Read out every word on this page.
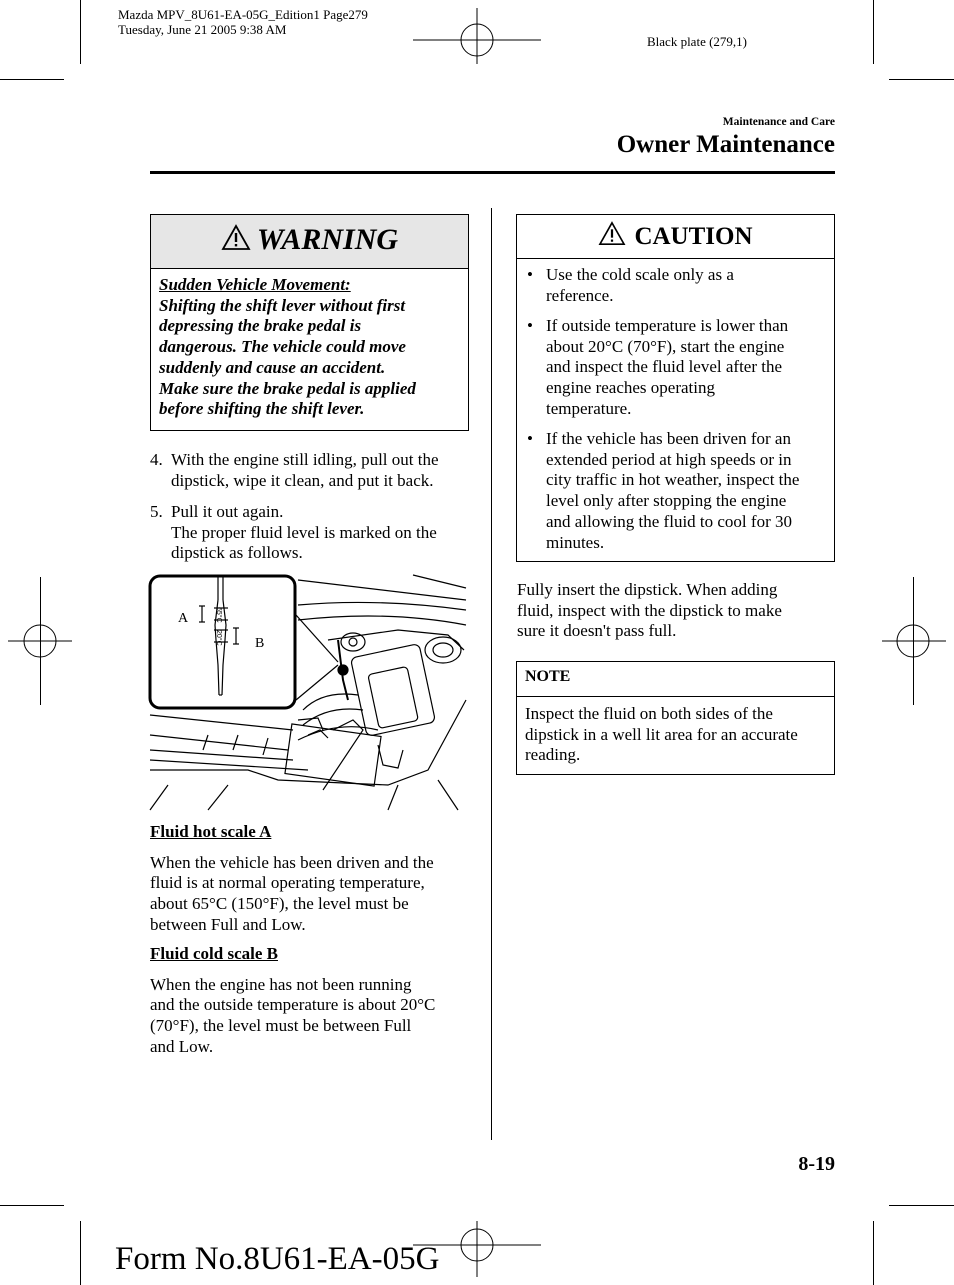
Mazda MPV_8U61-EA-05G_Edition1 Page279
Tuesday, June 21 2005 9:38 AM
Black plate (279,1)
Maintenance and Care
Owner Maintenance
WARNING
Sudden Vehicle Movement:
Shifting the shift lever without first
depressing the brake pedal is
dangerous. The vehicle could move
suddenly and cause an accident.
Make sure the brake pedal is applied
before shifting the shift lever.
4. With the engine still idling, pull out the
dipstick, wipe it clean, and put it back.
5. Pull it out again.
The proper fluid level is marked on the
dipstick as follows.
65°C
20°C
A
B
Fluid hot scale A
When the vehicle has been driven and the
fluid is at normal operating temperature,
about 65°C (150°F), the level must be
between Full and Low.
Fluid cold scale B
When the engine has not been running
and the outside temperature is about 20°C
(70°F), the level must be between Full
and Low.
CAUTION
• Use the cold scale only as a
reference.
• If outside temperature is lower than
about 20°C (70°F), start the engine
and inspect the fluid level after the
engine reaches operating
temperature.
• If the vehicle has been driven for an
extended period at high speeds or in
city traffic in hot weather, inspect the
level only after stopping the engine
and allowing the fluid to cool for 30
minutes.
Fully insert the dipstick. When adding
fluid, inspect with the dipstick to make
sure it doesn't pass full.
NOTE
Inspect the fluid on both sides of the
dipstick in a well lit area for an accurate
reading.
8-19
Form No.8U61-EA-05G
